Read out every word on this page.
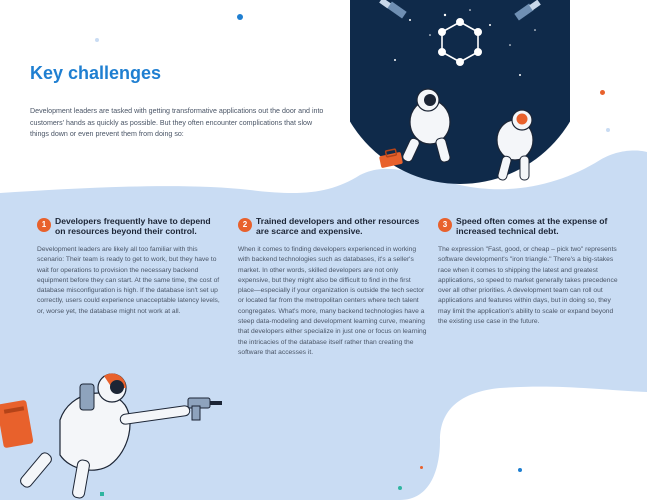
Key challenges

Development leaders are tasked with getting transformative applications out the door and into customers' hands as quickly as possible. But they often encounter complications that slow things down or even prevent them from doing so:

1	Developers frequently have to depend on resources beyond their control.

Development leaders are likely all too familiar with this scenario: Their team is ready to get to work, but they have to wait for operations to provision the necessary backend equipment before they can start. At the same time, the cost of database misconfiguration is high. If the database isn't set up correctly, users could experience unacceptable latency levels, or, worse yet, the database might not work at all.

2	Trained developers and other resources are scarce and expensive.

When it comes to finding developers experienced in working with backend technologies such as databases, it's a seller's market. In other words, skilled developers are not only expensive, but they might also be difficult to find in the first place—especially if your organization is outside the tech sector or located far from the metropolitan centers where tech talent congregates. What's more, many backend technologies have a steep data-modeling and development learning curve, meaning that developers either specialize in just one or focus on learning the intricacies of the database itself rather than creating the software that accesses it.

3	Speed often comes at the expense of increased technical debt.

The expression "Fast, good, or cheap – pick two" represents software development's "iron triangle." There's a big-stakes race when it comes to shipping the latest and greatest applications, so speed to market generally takes precedence over all other priorities. A development team can roll out applications and features within days, but in doing so, they may limit the application's ability to scale or expand beyond the existing use case in the future.
